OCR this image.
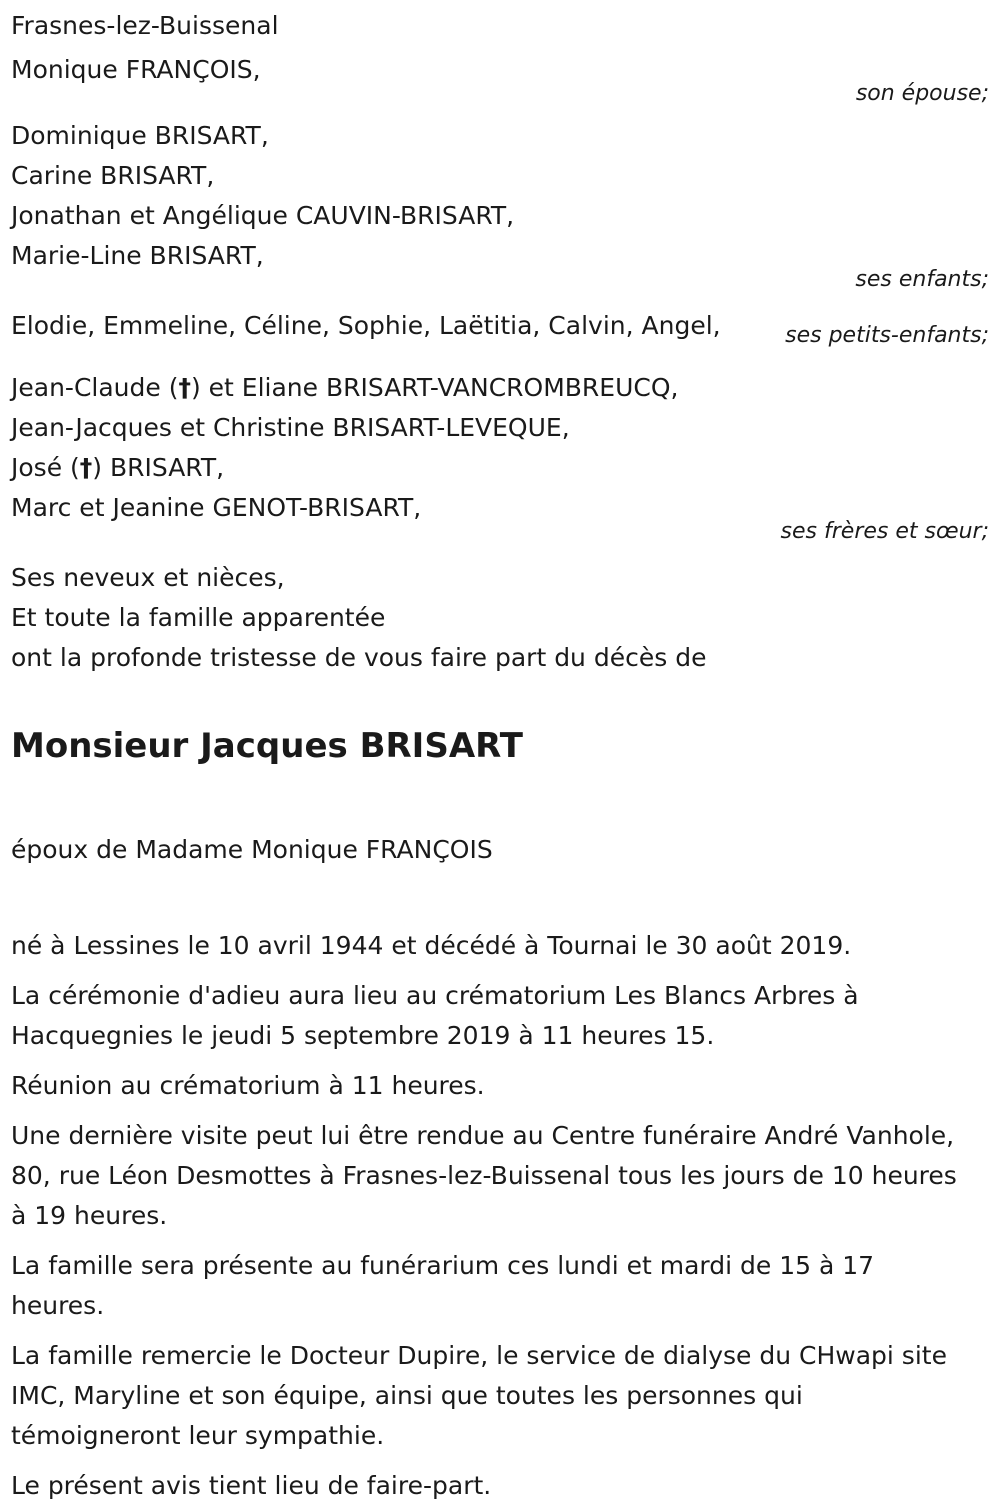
Frasnes-lez-Buissenal
Monique FRANÇOIS,
son épouse;
Dominique BRISART,
Carine BRISART,
Jonathan et Angélique CAUVIN-BRISART,
Marie-Line BRISART,
ses enfants;
Elodie, Emmeline, Céline, Sophie, Laëtitia, Calvin, Angel,	ses petits-enfants;
Jean-Claude (†) et Eliane BRISART-VANCROMBREUCQ,
Jean-Jacques et Christine BRISART-LEVEQUE,
José (†) BRISART,
Marc et Jeanine GENOT-BRISART,
ses frères et sœur;
Ses neveux et nièces,
Et toute la famille apparentée
ont la profonde tristesse de vous faire part du décès de
Monsieur Jacques BRISART
époux de Madame Monique FRANÇOIS
né à Lessines le 10 avril 1944 et décédé à Tournai le 30 août 2019.
La cérémonie d'adieu aura lieu au crématorium Les Blancs Arbres à Hacquegnies le jeudi 5 septembre 2019 à 11 heures 15.
Réunion au crématorium à 11 heures.
Une dernière visite peut lui être rendue au Centre funéraire André Vanhole, 80, rue Léon Desmottes à Frasnes-lez-Buissenal tous les jours de 10 heures à 19 heures.
La famille sera présente au funérarium ces lundi et mardi de 15 à 17 heures.
La famille remercie le Docteur Dupire, le service de dialyse du CHwapi site IMC, Maryline et son équipe, ainsi que toutes les personnes qui témoigneront leur sympathie.
Le présent avis tient lieu de faire-part.
